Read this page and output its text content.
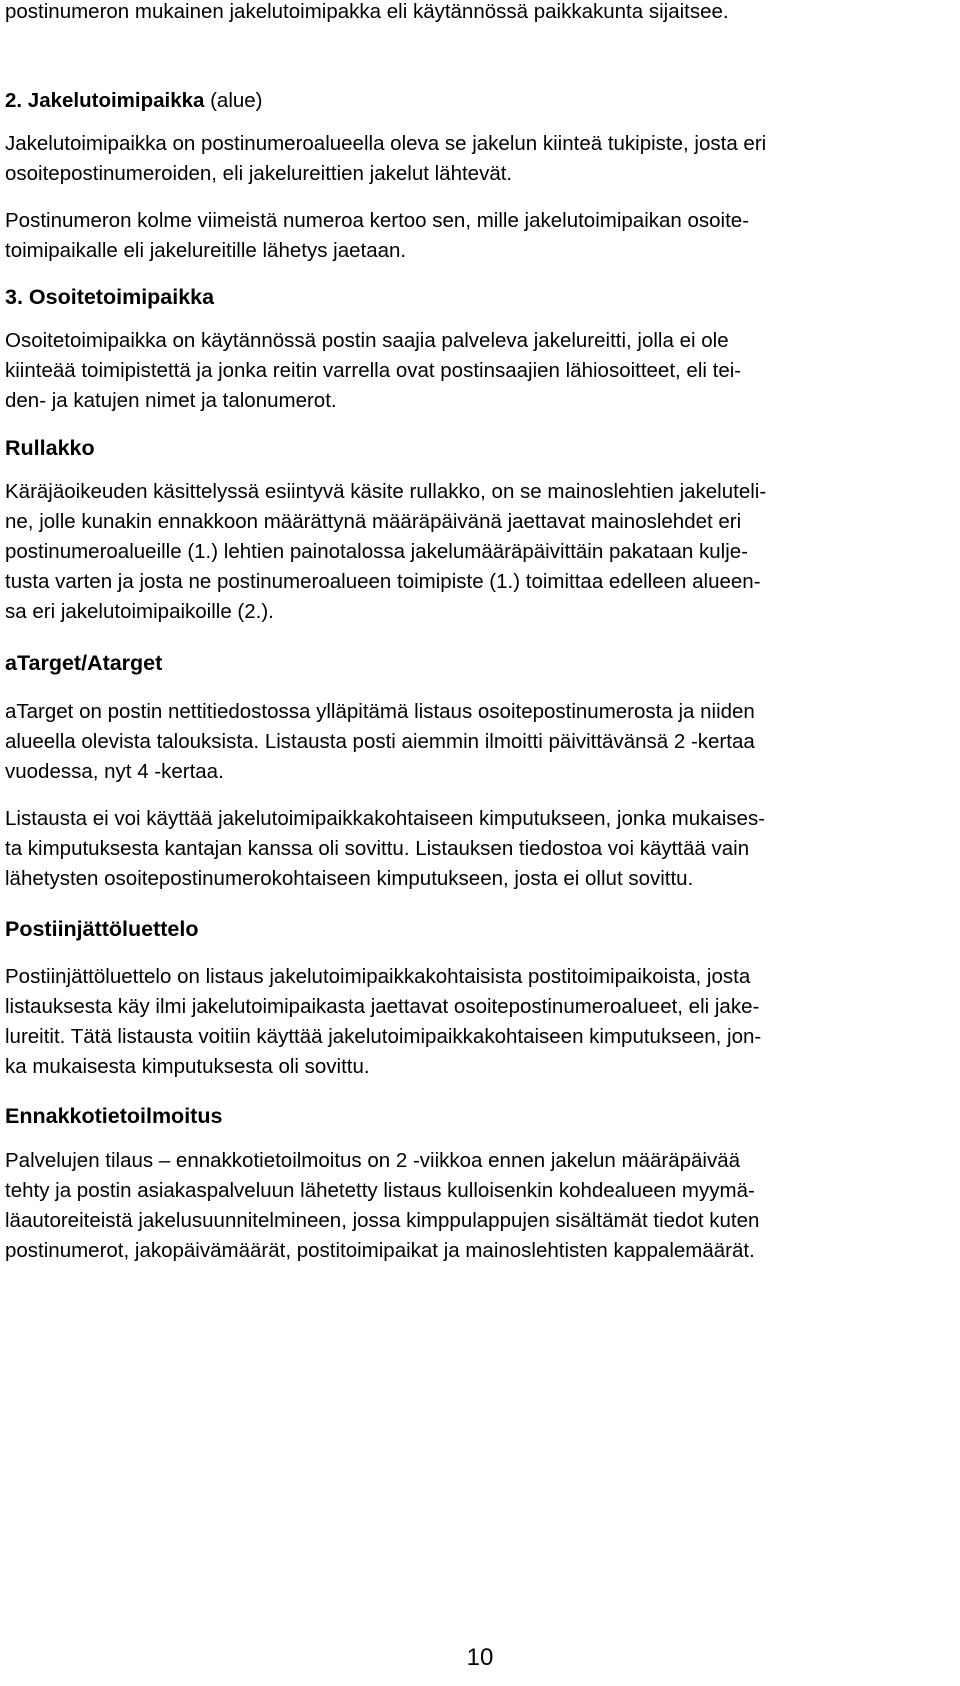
postinumeron mukainen jakelutoimipakka eli käytännössä paikkakunta sijaitsee.
2. Jakelutoimipaikka (alue)
Jakelutoimipaikka on postinumeroalueella oleva se jakelun kiinteä tukipiste, josta eri
osoitepostinumeroiden, eli jakelureittien jakelut lähtevät.
Postinumeron kolme viimeistä numeroa kertoo sen, mille jakelutoimipaikan osoite-
toimipaikalle eli jakelureitille lähetys jaetaan.
3. Osoitetoimipaikka
Osoitetoimipaikka on käytännössä postin saajia palveleva jakelureitti, jolla ei ole
kiinteää toimipistettä ja jonka reitin varrella ovat postinsaajien lähiosoitteet, eli tei-
den- ja katujen nimet ja talonumerot.
Rullakko
Käräjäoikeuden käsittelyssä esiintyvä käsite rullakko, on se mainoslehtien jakeluteli-
ne, jolle kunakin ennakkoon määrättynä määräpäivänä jaettavat mainoslehdet eri
postinumeroalueille (1.) lehtien painotalossa jakelumääräpäivittäin pakataan kulje-
tusta varten ja josta ne postinumeroalueen toimipiste (1.) toimittaa edelleen alueen-
sa eri jakelutoimipaikoille (2.).
aTarget/Atarget
aTarget on postin nettitiedostossa ylläpitämä listaus osoitepostinumerosta ja niiden
alueella olevista talouksista. Listausta posti aiemmin ilmoitti päivittävänsä 2 -kertaa
vuodessa, nyt 4 -kertaa.
Listausta ei voi käyttää jakelutoimipaikkakohtaiseen kimputukseen, jonka mukaises-
ta kimputuksesta kantajan kanssa oli sovittu. Listauksen tiedostoa voi käyttää vain
lähetysten osoitepostinumerokohtaiseen kimputukseen, josta ei ollut sovittu.
Postiinjättöluettelo
Postiinjättöluettelo on listaus jakelutoimipaikkakohtaisista postitoimipaikoista, josta
listauksesta käy ilmi jakelutoimipaikasta jaettavat osoitepostinumeroalueet, eli jake-
lureitit. Tätä listausta voitiin käyttää jakelutoimipaikkakohtaiseen kimputukseen, jon-
ka mukaisesta kimputuksesta oli sovittu.
Ennakkotietoilmoitus
Palvelujen tilaus – ennakkotietoilmoitus on 2 -viikkoa ennen jakelun määräpäivää
tehty ja postin asiakaspalveluun lähetetty listaus kulloisenkin kohdealueen myymä-
läautoreiteistä jakelusuunnitelmineen, jossa kimppulappujen sisältämät tiedot kuten
postinumerot, jakopäivämäärät, postitoimipaikat ja mainoslehtisten kappalemäärät.
10
